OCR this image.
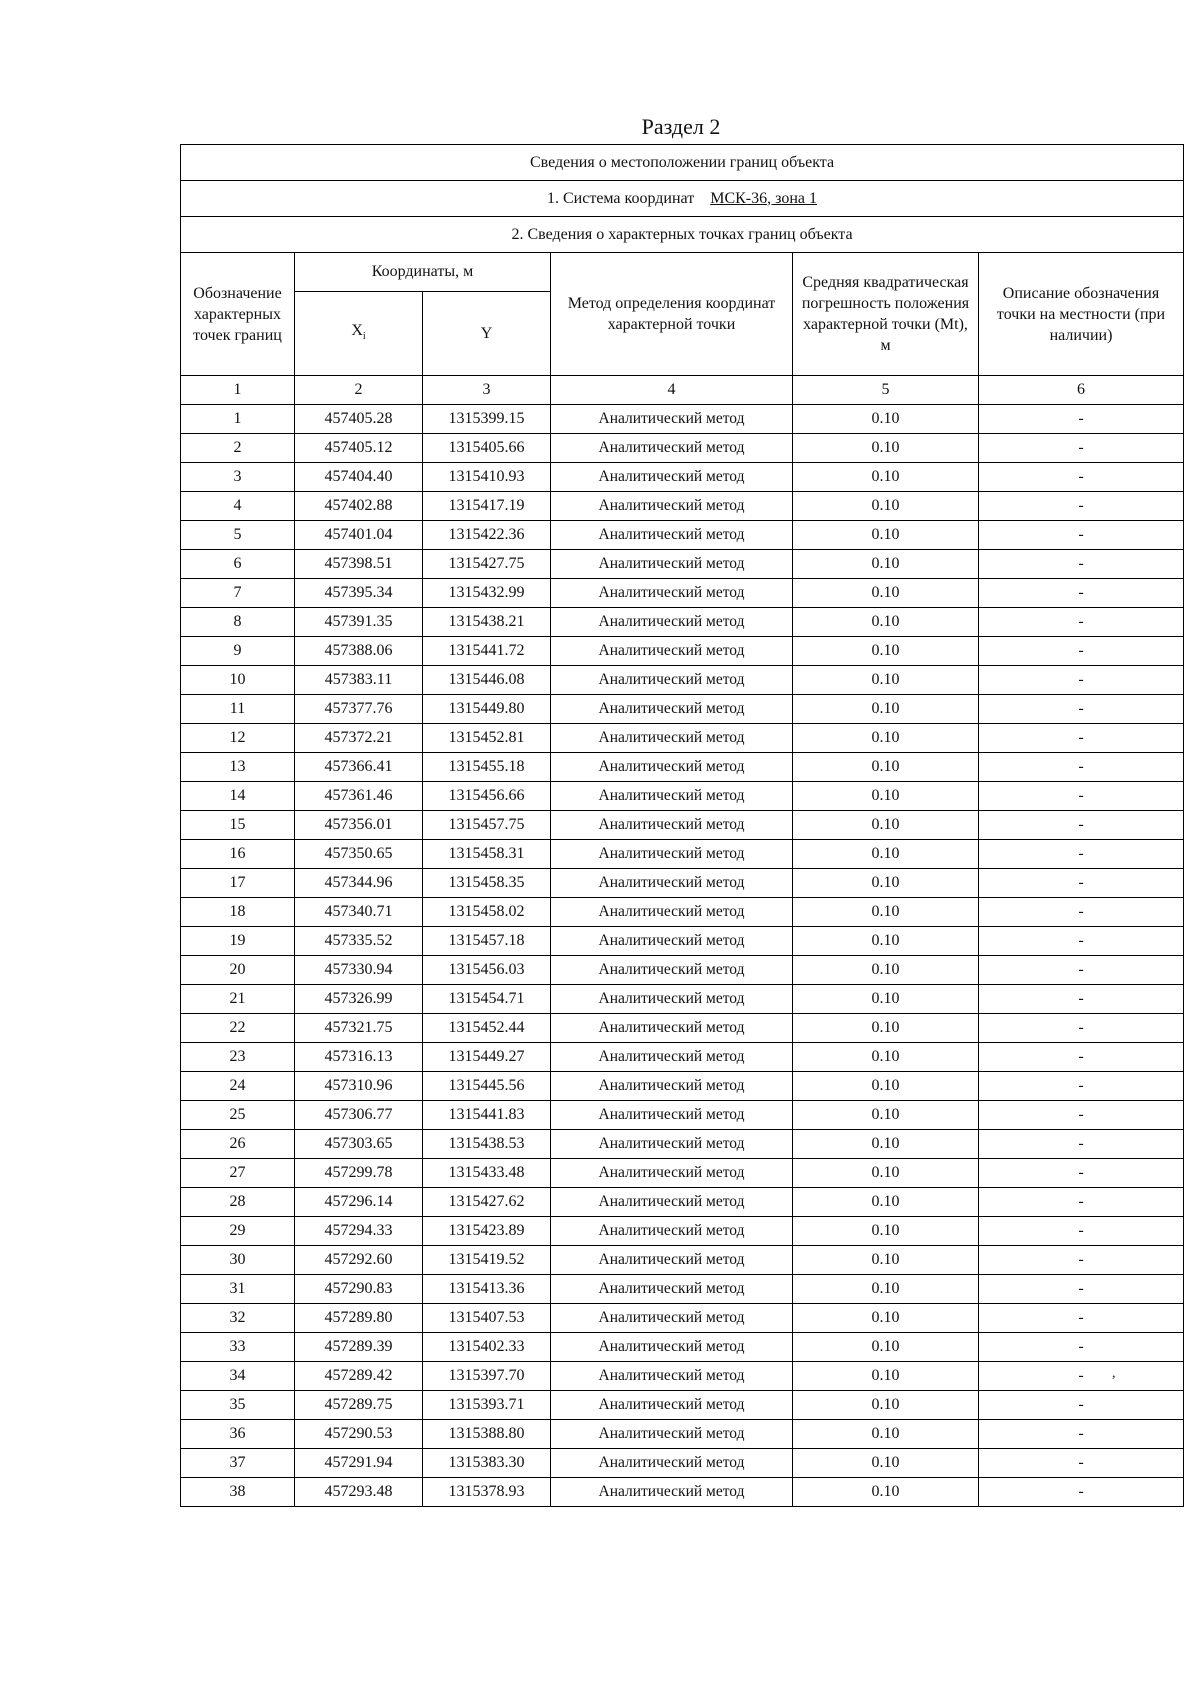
Раздел 2
Сведения о местоположении границ объекта					
1. Система координат МСК-36, зона 1					
2. Сведения о характерных точках границ объекта					
Обозначение характерных точек границ	Координаты, м		Метод определения координат характерной точки	Средняя квадратическая погрешность положения характерной точки (Mt), м	Описание обозначения точки на местности (при наличии)
	$X_i$	Y			
1	2	3	4	5	6
1	457405.28	1315399.15	Аналитический метод	0.10	-
2	457405.12	1315405.66	Аналитический метод	0.10	-
3	457404.40	1315410.93	Аналитический метод	0.10	-
4	457402.88	1315417.19	Аналитический метод	0.10	-
5	457401.04	1315422.36	Аналитический метод	0.10	-
6	457398.51	1315427.75	Аналитический метод	0.10	-
7	457395.34	1315432.99	Аналитический метод	0.10	-
8	457391.35	1315438.21	Аналитический метод	0.10	-
9	457388.06	1315441.72	Аналитический метод	0.10	-
10	457383.11	1315446.08	Аналитический метод	0.10	-
11	457377.76	1315449.80	Аналитический метод	0.10	-
12	457372.21	1315452.81	Аналитический метод	0.10	-
13	457366.41	1315455.18	Аналитический метод	0.10	-
14	457361.46	1315456.66	Аналитический метод	0.10	-
15	457356.01	1315457.75	Аналитический метод	0.10	-
16	457350.65	1315458.31	Аналитический метод	0.10	-
17	457344.96	1315458.35	Аналитический метод	0.10	-
18	457340.71	1315458.02	Аналитический метод	0.10	-
19	457335.52	1315457.18	Аналитический метод	0.10	-
20	457330.94	1315456.03	Аналитический метод	0.10	-
21	457326.99	1315454.71	Аналитический метод	0.10	-
22	457321.75	1315452.44	Аналитический метод	0.10	-
23	457316.13	1315449.27	Аналитический метод	0.10	-
24	457310.96	1315445.56	Аналитический метод	0.10	-
25	457306.77	1315441.83	Аналитический метод	0.10	-
26	457303.65	1315438.53	Аналитический метод	0.10	-
27	457299.78	1315433.48	Аналитический метод	0.10	-
28	457296.14	1315427.62	Аналитический метод	0.10	-
29	457294.33	1315423.89	Аналитический метод	0.10	-
30	457292.60	1315419.52	Аналитический метод	0.10	-
31	457290.83	1315413.36	Аналитический метод	0.10	-
32	457289.80	1315407.53	Аналитический метод	0.10	-
33	457289.39	1315402.33	Аналитический метод	0.10	-
34	457289.42	1315397.70	Аналитический метод	0.10	-
35	457289.75	1315393.71	Аналитический метод	0.10	-
36	457290.53	1315388.80	Аналитический метод	0.10	-
37	457291.94	1315383.30	Аналитический метод	0.10	-
38	457293.48	1315378.93	Аналитический метод	0.10	-
,
